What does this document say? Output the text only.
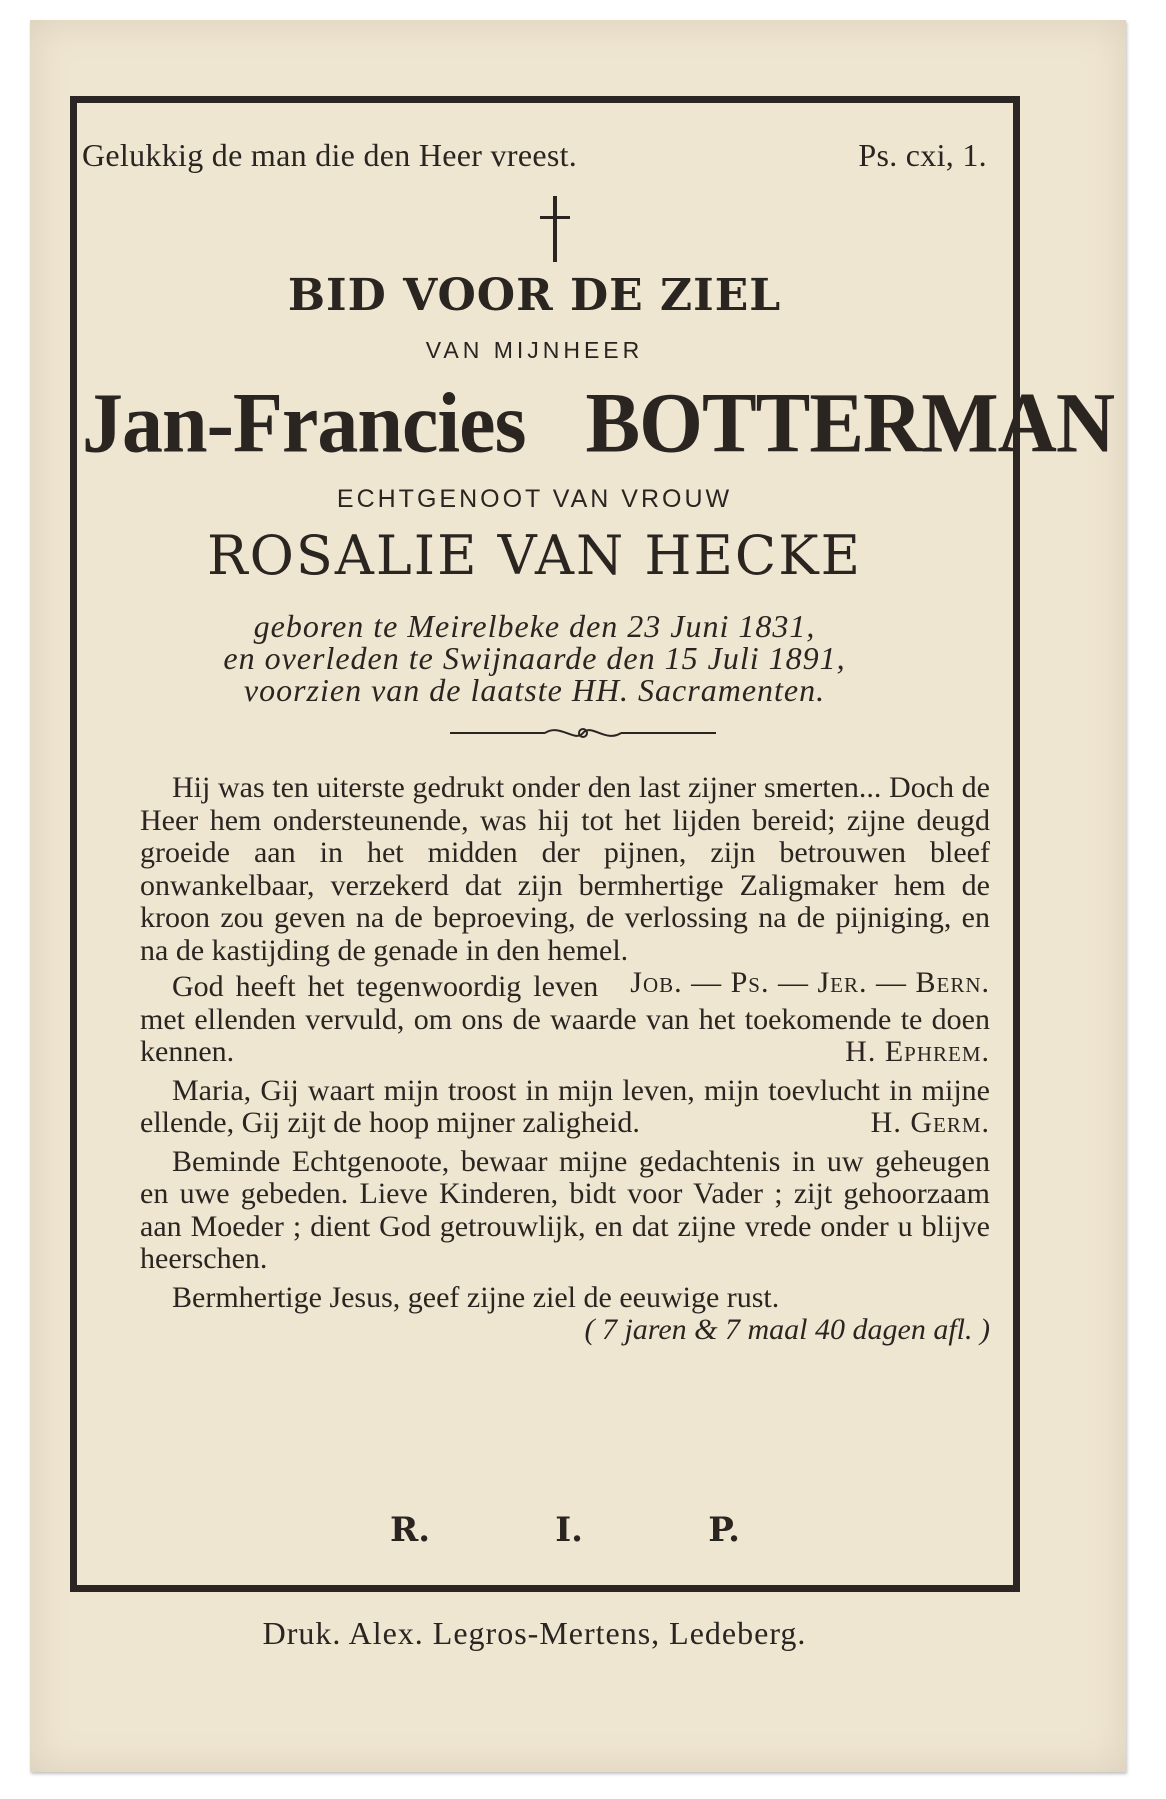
Gelukkig de man die den Heer vreest.	Ps. cxi, 1.
BID VOOR DE ZIEL
VAN MIJNHEER
Jan-Francies BOTTERMAN
ECHTGENOOT VAN VROUW
ROSALIE VAN HECKE
geboren te Meirelbeke den 23 Juni 1831,
en overleden te Swijnaarde den 15 Juli 1891,
voorzien van de laatste HH. Sacramenten.
Hij was ten uiterste gedrukt onder den last zijner smerten... Doch de Heer hem ondersteunende, was hij tot het lijden bereid; zijne deugd groeide aan in het midden der pijnen, zijn betrouwen bleef onwankelbaar, verzekerd dat zijn bermhertige Zaligmaker hem de kroon zou geven na de beproeving, de verlossing na de pijniging, en na de kastijding de genade in den hemel.
Job. — Ps. — Jer. — Bern.
God heeft het tegenwoordig leven met ellenden vervuld, om ons de waarde van het toekomende te doen kennen.	H. Ephrem.
Maria, Gij waart mijn troost in mijn leven, mijn toevlucht in mijne ellende, Gij zijt de hoop mijner zaligheid.	H. Germ.
Beminde Echtgenoote, bewaar mijne gedachtenis in uw geheugen en uwe gebeden. Lieve Kinderen, bidt voor Vader ; zijt gehoorzaam aan Moeder ; dient God getrouwlijk, en dat zijne vrede onder u blijve heerschen.
Bermhertige Jesus, geef zijne ziel de eeuwige rust.
( 7 jaren & 7 maal 40 dagen afl. )
R.	I.	P.
Druk. Alex. Legros-Mertens, Ledeberg.
